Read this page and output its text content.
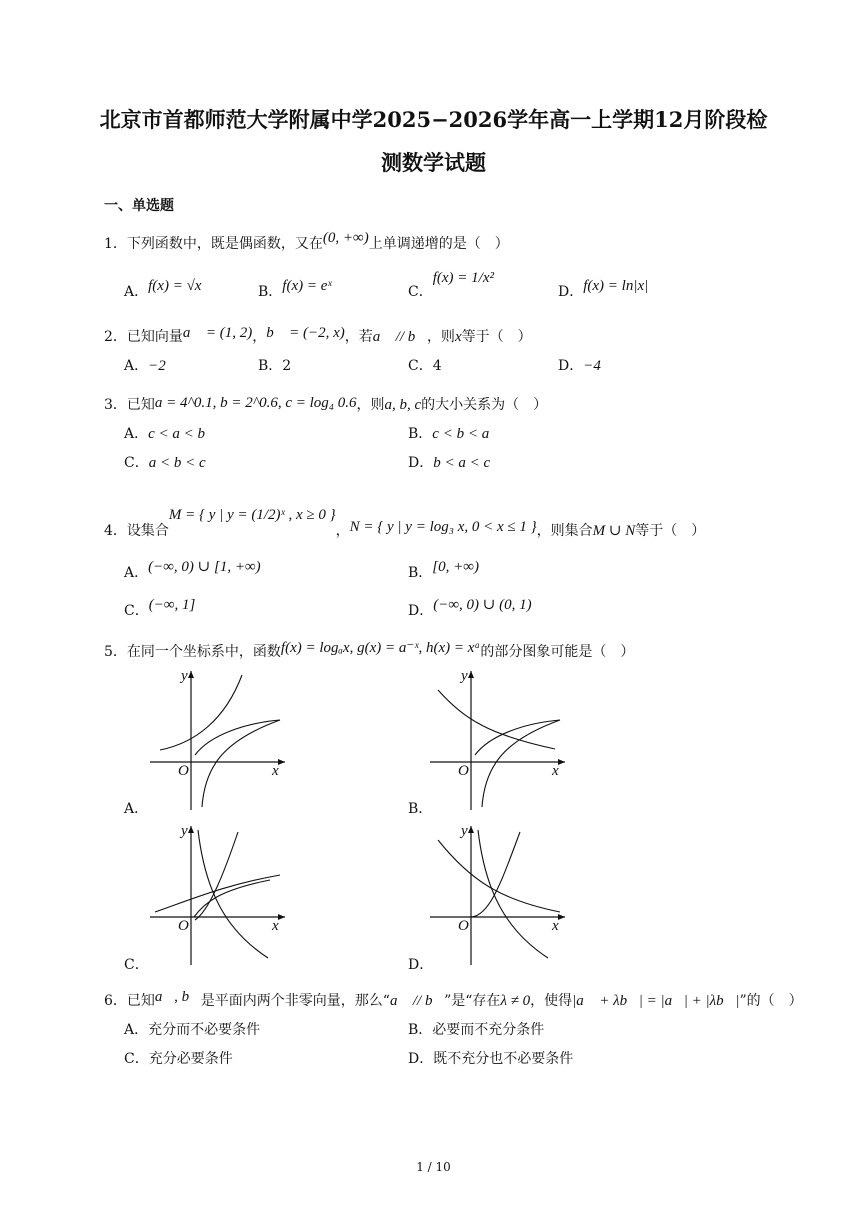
北京市首都师范大学附属中学2025−2026学年高一上学期12月阶段检
测数学试题
一、单选题
1．下列函数中，既是偶函数，又在(0, +∞)上单调递增的是（　）
A．f(x) = √x	B．f(x) = eˣ	C．f(x) = 1/x²
D．f(x) = ln|x|
2．已知向量a⃗ = (1, 2)，b⃗ = (−2, x)，若a⃗ // b⃗，则x等于（　）
A．−2	B．2	C．4	D．−4
3．已知a = 4^0.1, b = 2^0.6, c = log₄ 0.6，则a, b, c的大小关系为（　）
A．c < a < b	B．c < b < a
C．a < b < c	D．b < a < c
4．设集合M = { y | y = (1/2)ˣ , x ≥ 0 }，N = { y | y = log₃ x, 0 < x ≤ 1 }，则集合M ∪ N等于（　）
A．(−∞, 0) ∪ [1, +∞)	B．[0, +∞)
C．(−∞, 1]	D．(−∞, 0) ∪ (0, 1)
5．在同一个坐标系中，函数f(x) = logₐx, g(x) = a⁻ˣ, h(x) = xᵃ的部分图象可能是（　）
y
x
O
A．
y
x
O
B．
y
x
O
C．
y
x
O
D．
6．已知a⃗, b⃗是平面内两个非零向量，那么“a⃗ // b⃗”是“存在λ ≠ 0，使得|a⃗ + λb⃗| = |a⃗| + |λb⃗|”的（　）
A．充分而不必要条件	B．必要而不充分条件
C．充分必要条件	D．既不充分也不必要条件
1 / 10
